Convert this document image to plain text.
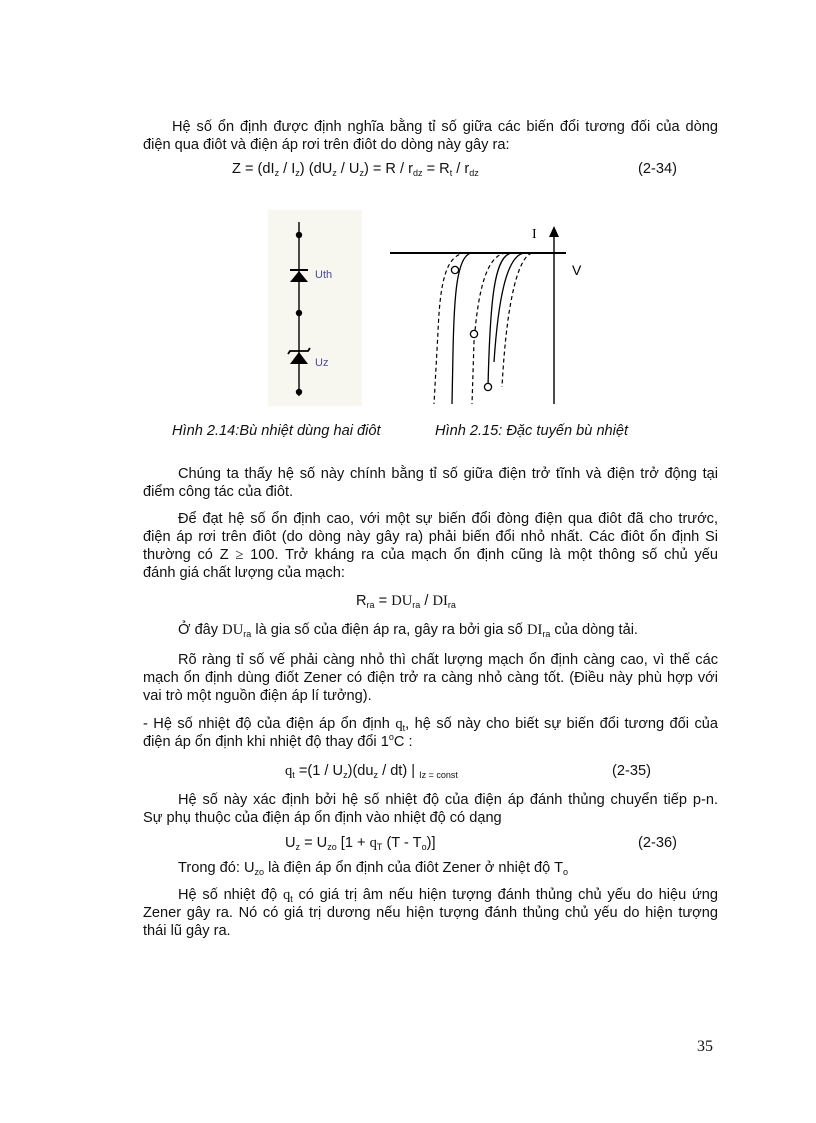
Hệ số ổn định được định nghĩa bằng tỉ số giữa các biến đổi tương đối của dòng
điện qua điôt và điện áp rơi trên điôt do dòng này gây ra:
$Z = (dI_z / I_z)$ $(dU_z / U_z) = R / r_{dz} = R_t / r_{dz}$	(2-34)
Uth
Uz
I
V
Hình 2.14:Bù nhiệt dùng hai điôt	Hình 2.15: Đặc tuyến bù nhiệt
Chúng ta thấy hệ số này chính bằng tỉ số giữa điện trở tĩnh và điện trở động tại
điểm công tác của điôt.
Để đạt hệ số ổn định cao, với một sự biến đổi đòng điện qua điôt đã cho trước,
điện áp rơi trên điôt (do dòng này gây ra) phải biến đổi nhỏ nhất. Các điôt ổn định Si
thường có Z ≥ 100. Trở kháng ra của mạch ổn định cũng là một thông số chủ yếu
đánh giá chất lượng của mạch:
$R_{ra} = DU_{ra} / DI_{ra}$
Ở đây $DU_{ra}$ là gia số của điện áp ra, gây ra bởi gia số $DI_{ra}$ của dòng tải.
Rõ ràng tỉ số vế phải càng nhỏ thì chất lượng mạch ổn định càng cao, vì thế các
mạch ổn định dùng điốt Zener có điện trở ra càng nhỏ càng tốt. (Điều này phù hợp với
vai trò một nguồn điện áp lí tưởng).
- Hệ số nhiệt độ của điện áp ổn định $q_t$, hệ số này cho biết sự biến đổi tương đối của
điện áp ổn định khi nhiệt độ thay đổi 1$^o$C :
$q_t =(1 / U_z)(du_z / dt)$ | $_{Iz = const}$	(2-35)
Hệ số này xác định bởi hệ số nhiệt độ của điện áp đánh thủng chuyển tiếp p-n.
Sự phụ thuộc của điện áp ổn định vào nhiệt độ có dạng
$U_z = U_{zo}$ [$1 + q_T$ $(T - T_o)$]	(2-36)
Trong đó: $U_{zo}$ là điện áp ổn định của điôt Zener ở nhiệt độ $T_o$
Hệ số nhiệt độ $q_t$ có giá trị âm nếu hiện tượng đánh thủng chủ yếu do hiệu ứng
Zener gây ra. Nó có giá trị dương nếu hiện tượng đánh thủng chủ yếu do hiện tượng
thái lũ gây ra.
35
